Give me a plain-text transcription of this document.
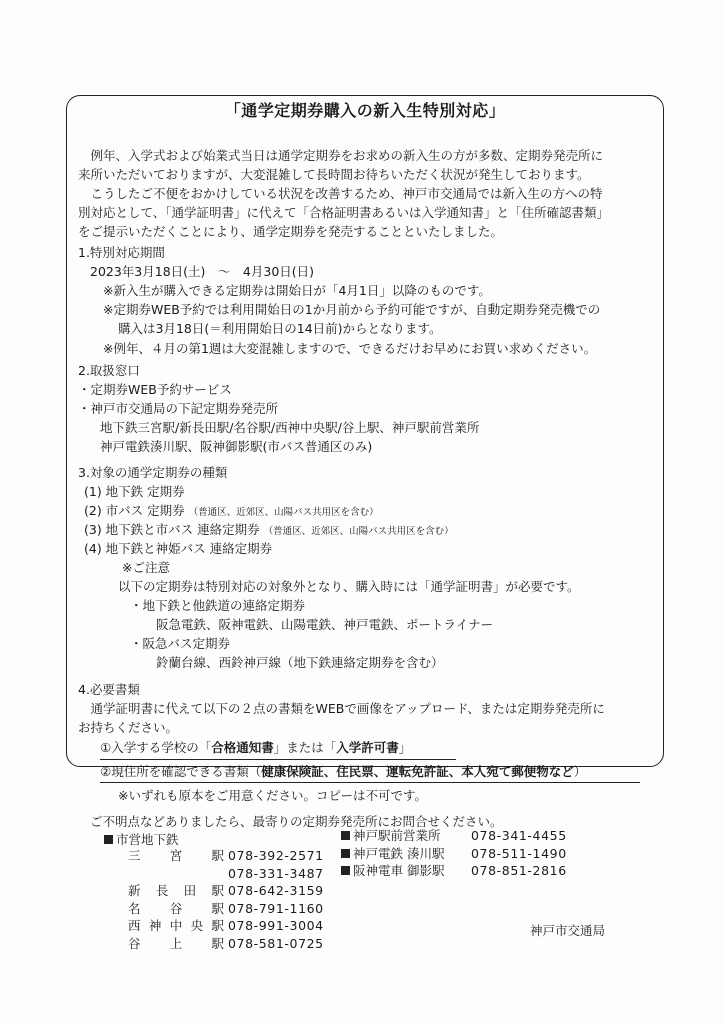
「通学定期券購入の新入生特別対応」
　例年、入学式および始業式当日は通学定期券をお求めの新入生の方が多数、定期券発売所に
来所いただいておりますが、大変混雑して長時間お待ちいただく状況が発生しております。
　こうしたご不便をおかけしている状況を改善するため、神戸市交通局では新入生の方への特
別対応として、「通学証明書」に代えて「合格証明書あるいは入学通知書」と「住所確認書類」
をご提示いただくことにより、通学定期券を発売することといたしました。
1.特別対応期間
2023年3月18日(土)　～　4月30日(日)
※新入生が購入できる定期券は開始日が「4月1日」以降のものです。
※定期券WEB予約では利用開始日の1か月前から予約可能ですが、自動定期券発売機での
購入は3月18日(＝利用開始日の14日前)からとなります。
※例年、４月の第1週は大変混雑しますので、できるだけお早めにお買い求めください。
2.取扱窓口
・定期券WEB予約サービス
・神戸市交通局の下記定期券発売所
地下鉄三宮駅/新長田駅/名谷駅/西神中央駅/谷上駅、神戸駅前営業所
神戸電鉄湊川駅、阪神御影駅(市バス普通区のみ)
3.対象の通学定期券の種類
(1) 地下鉄 定期券
(2) 市バス 定期券 （普通区、近郊区、山陽バス共用区を含む）
(3) 地下鉄と市バス 連絡定期券 （普通区、近郊区、山陽バス共用区を含む）
(4) 地下鉄と神姫バス 連絡定期券
※ご注意
以下の定期券は特別対応の対象外となり、購入時には「通学証明書」が必要です。
・地下鉄と他鉄道の連絡定期券
阪急電鉄、阪神電鉄、山陽電鉄、神戸電鉄、ポートライナー
・阪急バス定期券
鈴蘭台線、西鈴神戸線（地下鉄連絡定期券を含む）
4.必要書類
　通学証明書に代えて以下の２点の書類をWEBで画像をアップロード、または定期券発売所に
お持ちください。
①入学する学校の「合格通知書」または「入学許可書」
②現住所を確認できる書類（健康保険証、住民票、運転免許証、本人宛て郵便物など）
※いずれも原本をご用意ください。コピーは不可です。
ご不明点などありましたら、最寄りの定期券発売所にお問合せください。
市営地下鉄
三宮駅 078-392-2571
078-331-3487
新長田駅 078-642-3159
名谷駅 078-791-1160
西神中央駅 078-991-3004
谷上駅 078-581-0725
神戸駅前営業所 078-341-4455
神戸電鉄 湊川駅 078-511-1490
阪神電車 御影駅 078-851-2816
神戸市交通局
